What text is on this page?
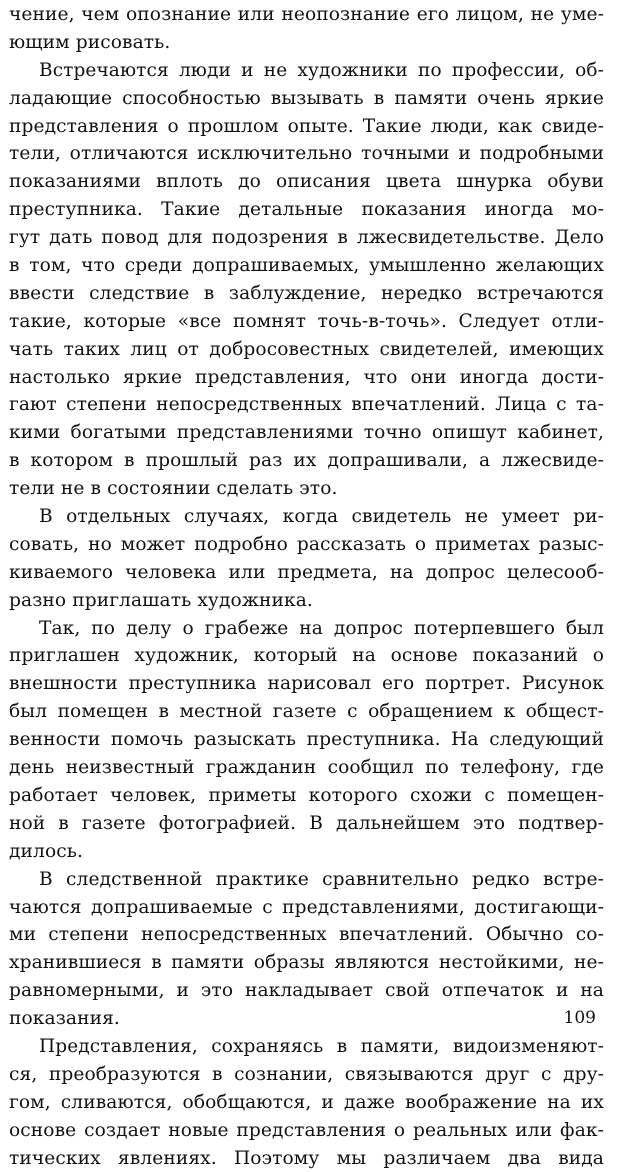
чение, чем опознание или неопознание его лицом, не уме-
ющим рисовать.
Встречаются люди и не художники по профессии, об-
ладающие способностью вызывать в памяти очень яркие
представления о прошлом опыте. Такие люди, как свиде-
тели, отличаются исключительно точными и подробными
показаниями вплоть до описания цвета шнурка обуви
преступника. Такие детальные показания иногда мо-
гут дать повод для подозрения в лжесвидетельстве. Дело
в том, что среди допрашиваемых, умышленно желающих
ввести следствие в заблуждение, нередко встречаются
такие, которые «все помнят точь-в-точь». Следует отли-
чать таких лиц от добросовестных свидетелей, имеющих
настолько яркие представления, что они иногда дости-
гают степени непосредственных впечатлений. Лица с та-
кими богатыми представлениями точно опишут кабинет,
в котором в прошлый раз их допрашивали, а лжесвиде-
тели не в состоянии сделать это.
В отдельных случаях, когда свидетель не умеет ри-
совать, но может подробно рассказать о приметах разыс-
киваемого человека или предмета, на допрос целесооб-
разно приглашать художника.
Так, по делу о грабеже на допрос потерпевшего был
приглашен художник, который на основе показаний о
внешности преступника нарисовал его портрет. Рисунок
был помещен в местной газете с обращением к общест-
венности помочь разыскать преступника. На следующий
день неизвестный гражданин сообщил по телефону, где
работает человек, приметы которого схожи с помещен-
ной в газете фотографией. В дальнейшем это подтвер-
дилось.
В следственной практике сравнительно редко встре-
чаются допрашиваемые с представлениями, достигающи-
ми степени непосредственных впечатлений. Обычно со-
хранившиеся в памяти образы являются нестойкими, не-
равномерными, и это накладывает свой отпечаток и на
показания.
Представления, сохраняясь в памяти, видоизменяют-
ся, преобразуются в сознании, связываются друг с дру-
гом, сливаются, обобщаются, и даже воображение на их
основе создает новые представления о реальных или фак-
тических явлениях. Поэтому мы различаем два вида
109
